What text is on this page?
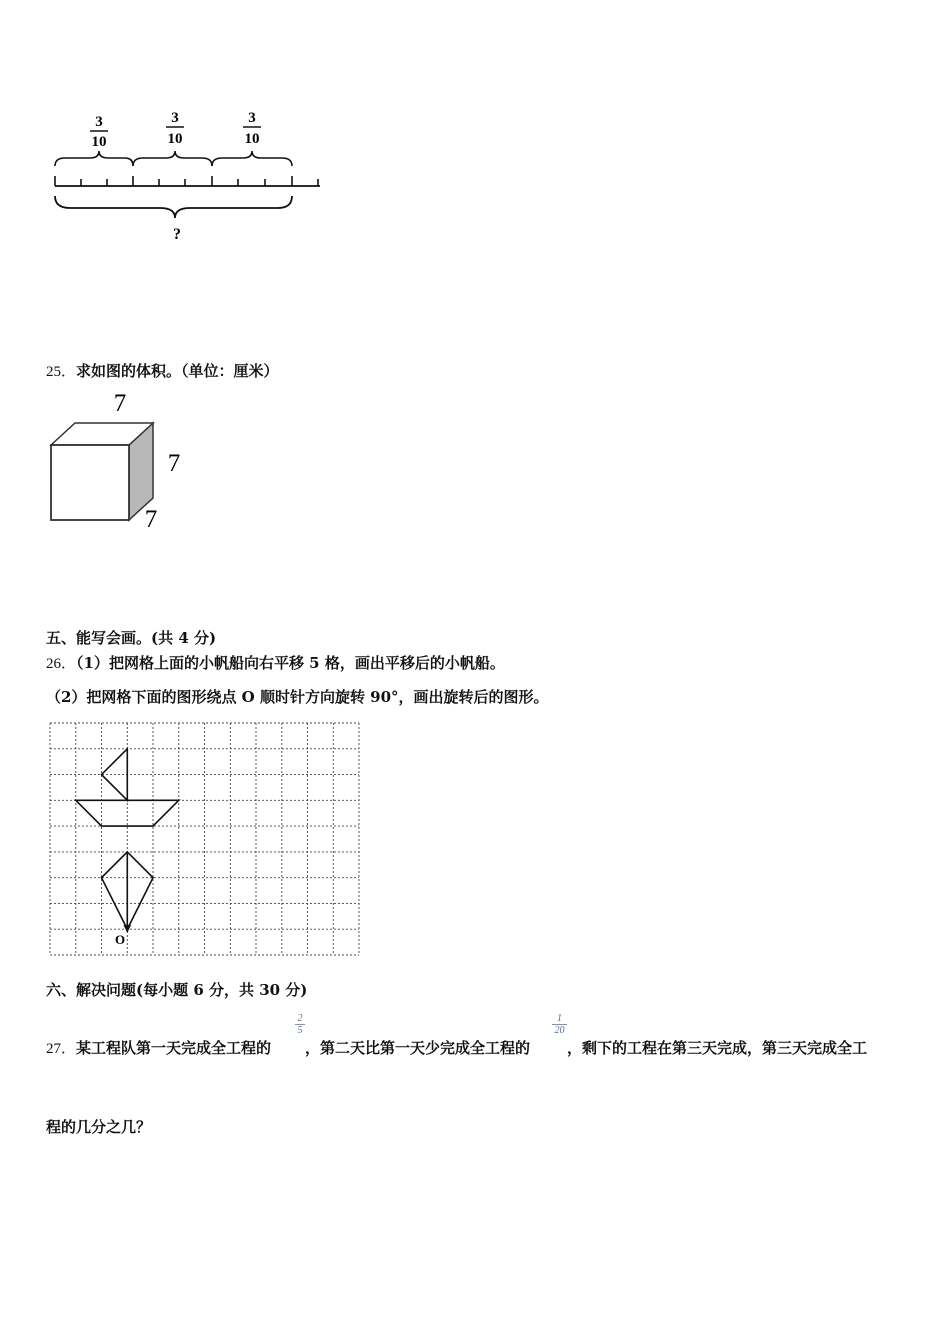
3
10
3
10
3
10
?
25．求如图的体积。（单位：厘米）
7
7
7
五、能写会画。(共 4 分)
26．（1）把网格上面的小帆船向右平移 5 格，画出平移后的小帆船。
（2）把网格下面的图形绕点 O 顺时针方向旋转 90°，画出旋转后的图形。
O
六、解决问题(每小题 6 分，共 30 分)
27．某工程队第一天完成全工程的
2
5
，第二天比第一天少完成全工程的
1
20
，剩下的工程在第三天完成，第三天完成全工
程的几分之几？
